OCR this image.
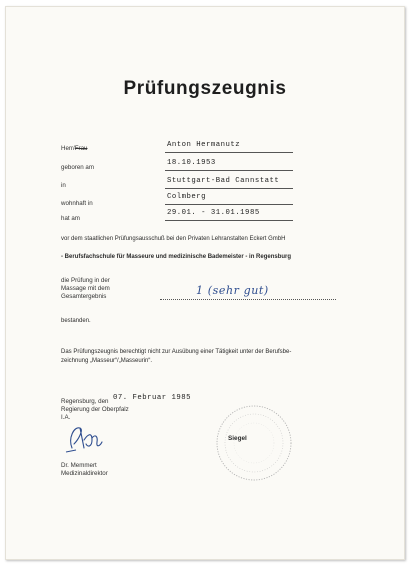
Prüfungszeugnis
Herr/Frau	Anton Hermanutz
geboren am
18.10.1953
in
Stuttgart-Bad Cannstatt
wohnhaft in
Colmberg
hat am
29.01. - 31.01.1985
vor dem staatlichen Prüfungsausschuß bei den Privaten Lehranstalten Eckert GmbH
- Berufsfachschule für Masseure und medizinische Bademeister - in Regensburg
die Prüfung in der
Massage mit dem
Gesamtergebnis	1 (sehr gut)
bestanden.
Das Prüfungszeugnis berechtigt nicht zur Ausübung einer Tätigkeit unter der Berufsbe-
zeichnung „Masseur“/„Masseurin“.
Regensburg, den 07. Februar 1985
Regierung der Oberpfalz
I.A.
Dr. Memmert
Medizinaldirektor
Siegel
